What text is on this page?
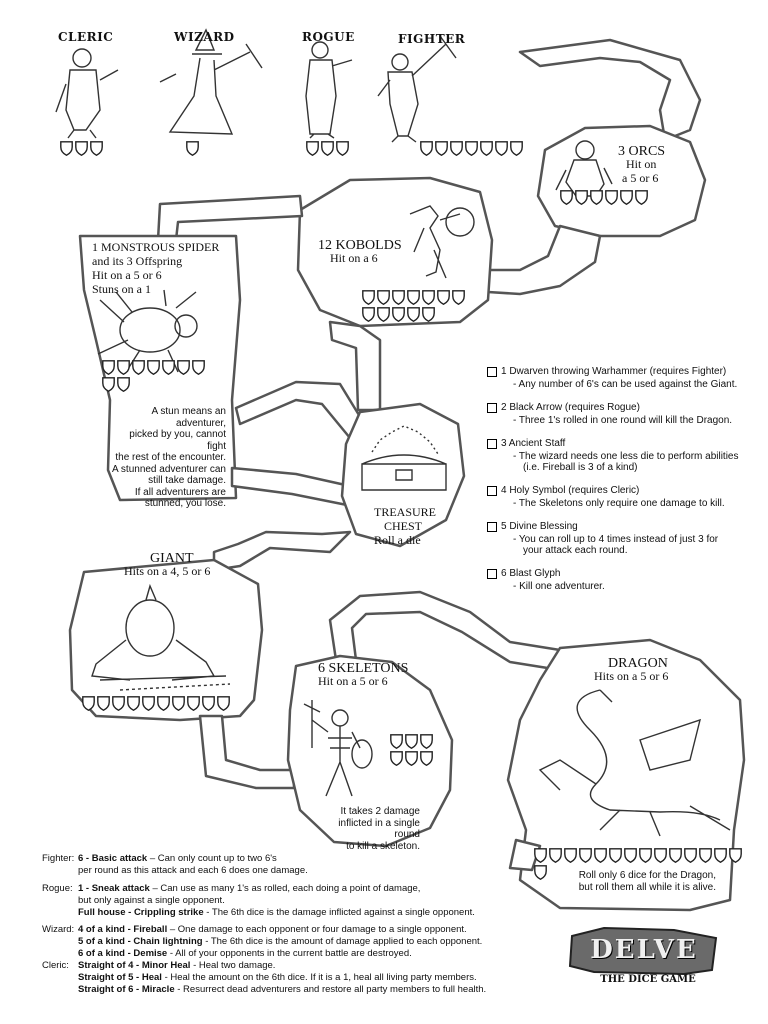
CLERIC	WIZARD	ROGUE	FIGHTER
3 ORCS
Hit on
a 5 or 6
12 KOBOLDS
Hit on a 6
1 MONSTROUS SPIDER
and its 3 Offspring
Hit on a 5 or 6
Stuns on a 1
A stun means an adventurer,
picked by you, cannot fight
the rest of the encounter.
A stunned adventurer can
still take damage.
If all adventurers are
stunned, you lose.
TREASURE
CHEST
Roll a die
GIANT
Hits on a 4, 5 or 6
6 SKELETONS
Hit on a 5 or 6
It takes 2 damage
inflicted in a single round
to kill a skeleton.
DRAGON
Hits on a 5 or 6
Roll only 6 dice for the Dragon,
but roll them all while it is alive.
1 Dwarven throwing Warhammer (requires Fighter)
- Any number of 6's can be used against the Giant.
2 Black Arrow (requires Rogue)
- Three 1's rolled in one round will kill the Dragon.
3 Ancient Staff
- The wizard needs one less die to perform abilities
(i.e. Fireball is 3 of a kind)
4 Holy Symbol (requires Cleric)
- The Skeletons only require one damage to kill.
5 Divine Blessing
- You can roll up to 4 times instead of just 3 for
your attack each round.
6 Blast Glyph
- Kill one adventurer.
Fighter: 6 - Basic attack – Can only count up to two 6's
per round as this attack and each 6 does one damage.
Rogue: 1 - Sneak attack – Can use as many 1's as rolled, each doing a point of damage,
but only against a single opponent.
Full house - Crippling strike - The 6th dice is the damage inflicted against a single opponent.
Wizard: 4 of a kind - Fireball – One damage to each opponent or four damage to a single opponent.
5 of a kind - Chain lightning - The 6th dice is the amount of damage applied to each opponent.
6 of a kind - Demise - All of your opponents in the current battle are destroyed.
Cleric: Straight of 4 - Minor Heal - Heal two damage.
Straight of 5 - Heal - Heal the amount on the 6th dice. If it is a 1, heal all living party members.
Straight of 6 - Miracle - Resurrect dead adventurers and restore all party members to full health.
DELVE
THE DICE GAME
